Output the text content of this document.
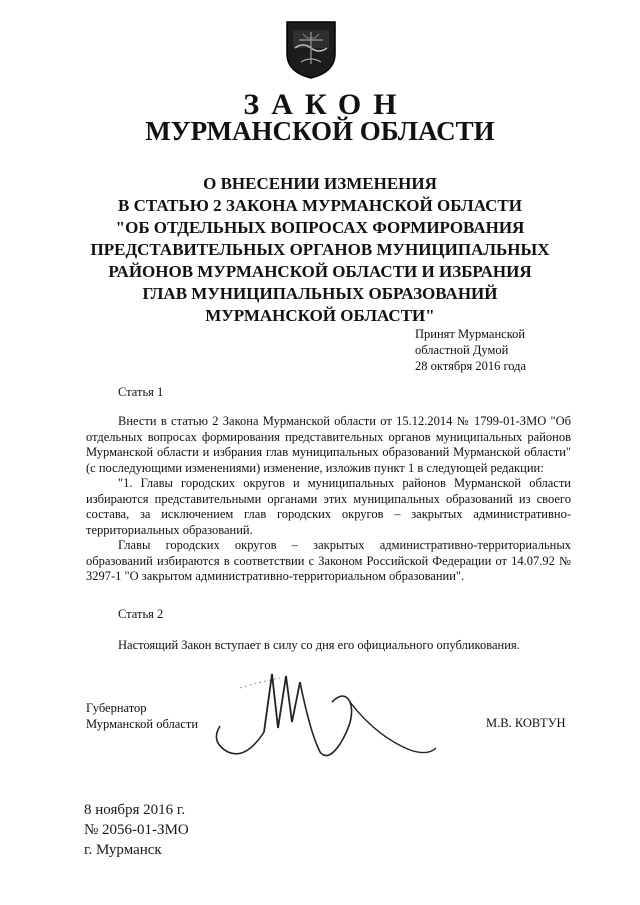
ЗАКОН
МУРМАНСКОЙ ОБЛАСТИ
О ВНЕСЕНИИ ИЗМЕНЕНИЯ
В СТАТЬЮ 2 ЗАКОНА МУРМАНСКОЙ ОБЛАСТИ
"ОБ ОТДЕЛЬНЫХ ВОПРОСАХ ФОРМИРОВАНИЯ
ПРЕДСТАВИТЕЛЬНЫХ ОРГАНОВ МУНИЦИПАЛЬНЫХ
РАЙОНОВ МУРМАНСКОЙ ОБЛАСТИ И ИЗБРАНИЯ
ГЛАВ МУНИЦИПАЛЬНЫХ ОБРАЗОВАНИЙ
МУРМАНСКОЙ ОБЛАСТИ"
Принят Мурманской
областной Думой
28 октября 2016 года
Статья 1

Внести в статью 2 Закона Мурманской области от 15.12.2014 № 1799-01-ЗМО "Об отдельных вопросах формирования представительных органов муниципальных районов Мурманской области и избрания глав муниципальных образований Мурманской области" (с последующими изменениями) изменение, изложив пункт 1 в следующей редакции:

"1. Главы городских округов и муниципальных районов Мурманской области избираются представительными органами этих муниципальных образований из своего состава, за исключением глав городских округов – закрытых административно-территориальных образований.

Главы городских округов – закрытых административно-территориальных образований избираются в соответствии с Законом Российской Федерации от 14.07.92 № 3297-1 "О закрытом административно-территориальном образовании".

Статья 2
Настоящий Закон вступает в силу со дня его официального опубликования.
Губернатор
Мурманской области	М.В. КОВТУН
8 ноября 2016 г.
№ 2056-01-ЗМО
г. Мурманск
